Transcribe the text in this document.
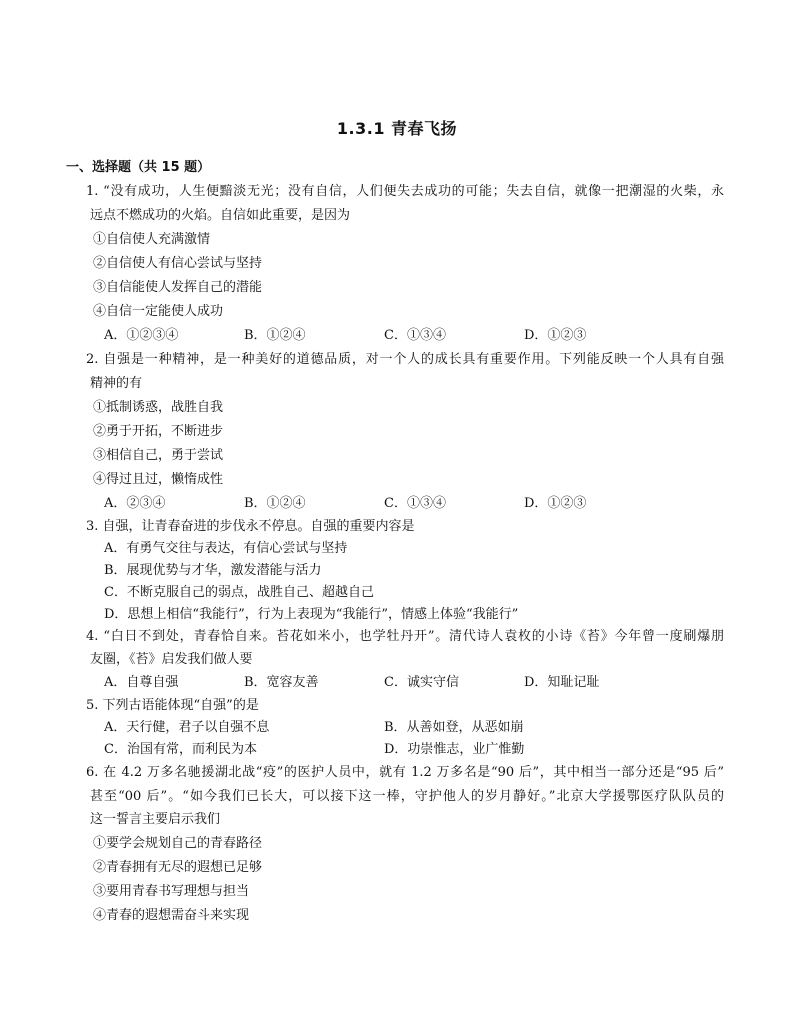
1.3.1 青春飞扬
一、选择题（共 15 题）
1. “没有成功，人生便黯淡无光；没有自信，人们便失去成功的可能；失去自信，就像一把潮湿的火柴，永
远点不燃成功的火焰。自信如此重要，是因为
①自信使人充满激情
②自信使人有信心尝试与坚持
③自信能使人发挥自己的潜能
④自信一定能使人成功
A．①②③④	B．①②④	C．①③④	D．①②③
2. 自强是一种精神，是一种美好的道德品质，对一个人的成长具有重要作用。下列能反映一个人具有自强
精神的有
①抵制诱惑，战胜自我
②勇于开拓，不断进步
③相信自己，勇于尝试
④得过且过，懒惰成性
A．②③④	B．①②④	C．①③④	D．①②③
3. 自强，让青春奋进的步伐永不停息。自强的重要内容是
A．有勇气交往与表达，有信心尝试与坚持
B．展现优势与才华，激发潜能与活力
C．不断克服自己的弱点，战胜自己、超越自己
D．思想上相信“我能行”，行为上表现为“我能行”，情感上体验“我能行”
4. “白日不到处，青春恰自来。苔花如米小，也学牡丹开”。清代诗人袁枚的小诗《苔》今年曾一度刷爆朋
友圈，《苔》启发我们做人要
A．自尊自强	B．宽容友善	C．诚实守信	D．知耻记耻
5. 下列古语能体现“自强”的是
A．天行健，君子以自强不息	B．从善如登，从恶如崩
C．治国有常，而利民为本	D．功崇惟志，业广惟勤
6. 在 4.2 万多名驰援湖北战“疫”的医护人员中，就有 1.2 万多名是“90 后”，其中相当一部分还是“95 后”
甚至“00 后”。“如今我们已长大，可以接下这一棒，守护他人的岁月静好。”北京大学援鄂医疗队队员的
这一誓言主要启示我们
①要学会规划自己的青春路径
②青春拥有无尽的遐想已足够
③要用青春书写理想与担当
④青春的遐想需奋斗来实现
